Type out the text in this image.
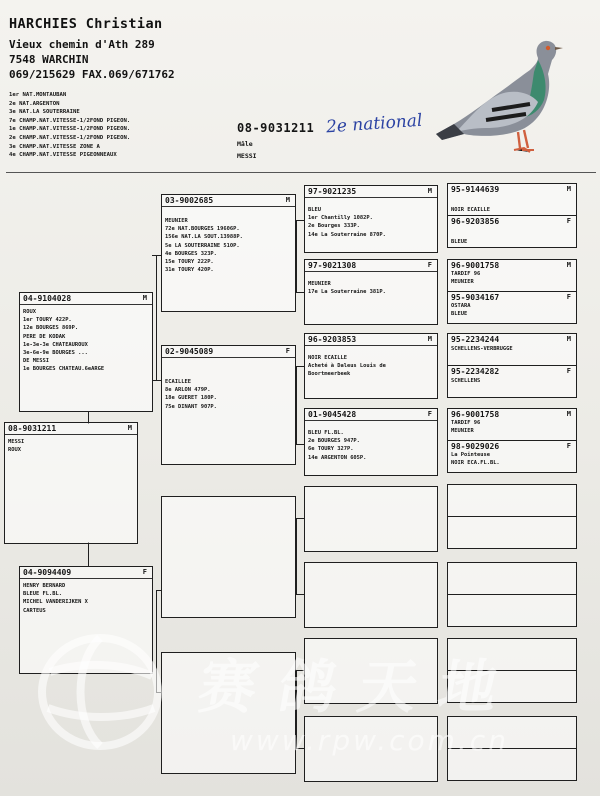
HARCHIES Christian
Vieux chemin d'Ath 289
7548 WARCHIN
069/215629 FAX.069/671762
1er NAT.MONTAUBAN
2e NAT.ARGENTON
3e NAT.LA SOUTERRAINE
7e CHAMP.NAT.VITESSE-1/2FOND PIGEON.
1e CHAMP.NAT.VITESSE-1/2FOND PIGEON.
2e CHAMP.NAT.VITESSE-1/2FOND PIGEON.
3e CHAMP.NAT.VITESSE ZONE A
4e CHAMP.NAT.VITESSE PIGEONNEAUX
08-9031211 2e national
Mâle
MESSI
08-9031211	M
MESSI
ROUX
04-9104028	M
ROUX
1er TOURY 422P.
12e BOURGES 869P.
PERE DE KODAK
1e-3e-3e CHATEAUROUX
3e-6e-9e BOURGES ...
DE MESSI
1e BOURGES CHATEAU.6eARGE
04-9094409	F
HENRY BERNARD
BLEUE FL.BL.
MICHEL VANDERIJKEN X
CARTEUS
03-9002685	M
MEUNIER
72e NAT.BOURGES 19606P.
156e NAT.LA SOUT.13988P.
5e LA SOUTERRAINE 510P.
4e BOURGES 323P.
15e TOURY 222P.
31e TOURY 420P.
02-9045089	F
ECAILLEE
8e ARLON 479P.
18e GUERET 180P.
75e DINANT 907P.
97-9021235	M
BLEU
1er Chantilly 1082P.
2e Bourges 333P.
14e La Souterraine 870P.
97-9021308	F
MEUNIER
17e La Souterraine 381P.
96-9203853	M
NOIR ECAILLE
Acheté à Daleus Louis de
Boortmeerbeek
01-9045428	F
BLEU FL.BL.
2e BOURGES 947P.
6e TOURY 327P.
14e ARGENTON 605P.
95-9144639	M
NOIR ECAILLE
96-9203856	F
BLEUE
96-9001758	M
TARDIF 96
MEUNIER
95-9034167	F
OSTARA
BLEUE
95-2234244	M
SCHELLENS-VERBRUGGE
95-2234282	F
SCHELLENS
96-9001758	M
TARDIF 96
MEUNIER
98-9029026	F
La Pointeuse
NOIR ECA.FL.BL.
赛鸽天地
www.rpw.com.cn
